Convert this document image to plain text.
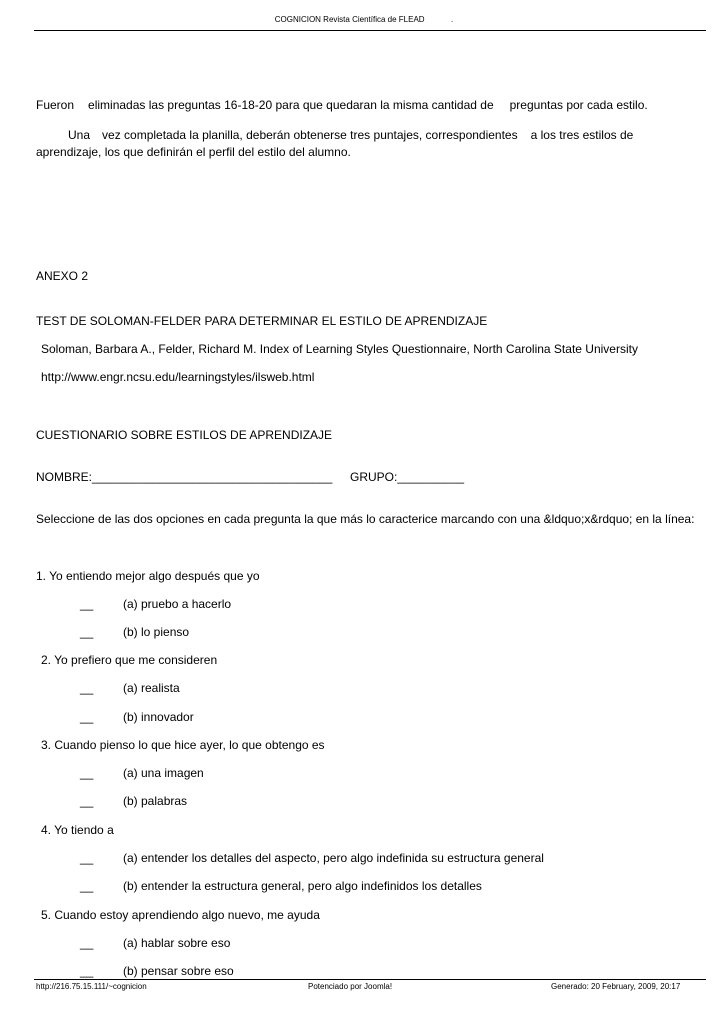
COGNICION Revista Científica de FLEAD	.
Fueron eliminadas las preguntas 16-18-20 para que quedaran la misma cantidad de preguntas por cada estilo.
Una vez completada la planilla, deberán obtenerse tres puntajes, correspondientes a los tres estilos de
aprendizaje, los que definirán el perfil del estilo del alumno.
ANEXO 2
TEST DE SOLOMAN-FELDER PARA DETERMINAR EL ESTILO DE APRENDIZAJE
Soloman, Barbara A., Felder, Richard M. Index of Learning Styles Questionnaire, North Carolina State University
http://www.engr.ncsu.edu/learningstyles/ilsweb.html
CUESTIONARIO SOBRE ESTILOS DE APRENDIZAJE
NOMBRE:____________________________________ GRUPO:__________
Seleccione de las dos opciones en cada pregunta la que más lo caracterice marcando con una &ldquo;x&rdquo; en la línea:
1. Yo entiendo mejor algo después que yo
__ (a) pruebo a hacerlo
__ (b) lo pienso
2. Yo prefiero que me consideren
__ (a) realista
__ (b) innovador
3. Cuando pienso lo que hice ayer, lo que obtengo es
__ (a) una imagen
__ (b) palabras
4. Yo tiendo a
__ (a) entender los detalles del aspecto, pero algo indefinida su estructura general
__ (b) entender la estructura general, pero algo indefinidos los detalles
5. Cuando estoy aprendiendo algo nuevo, me ayuda
__ (a) hablar sobre eso
__ (b) pensar sobre eso
http://216.75.15.111/~cognicion	Potenciado por Joomla!	Generado: 20 February, 2009, 20:17
